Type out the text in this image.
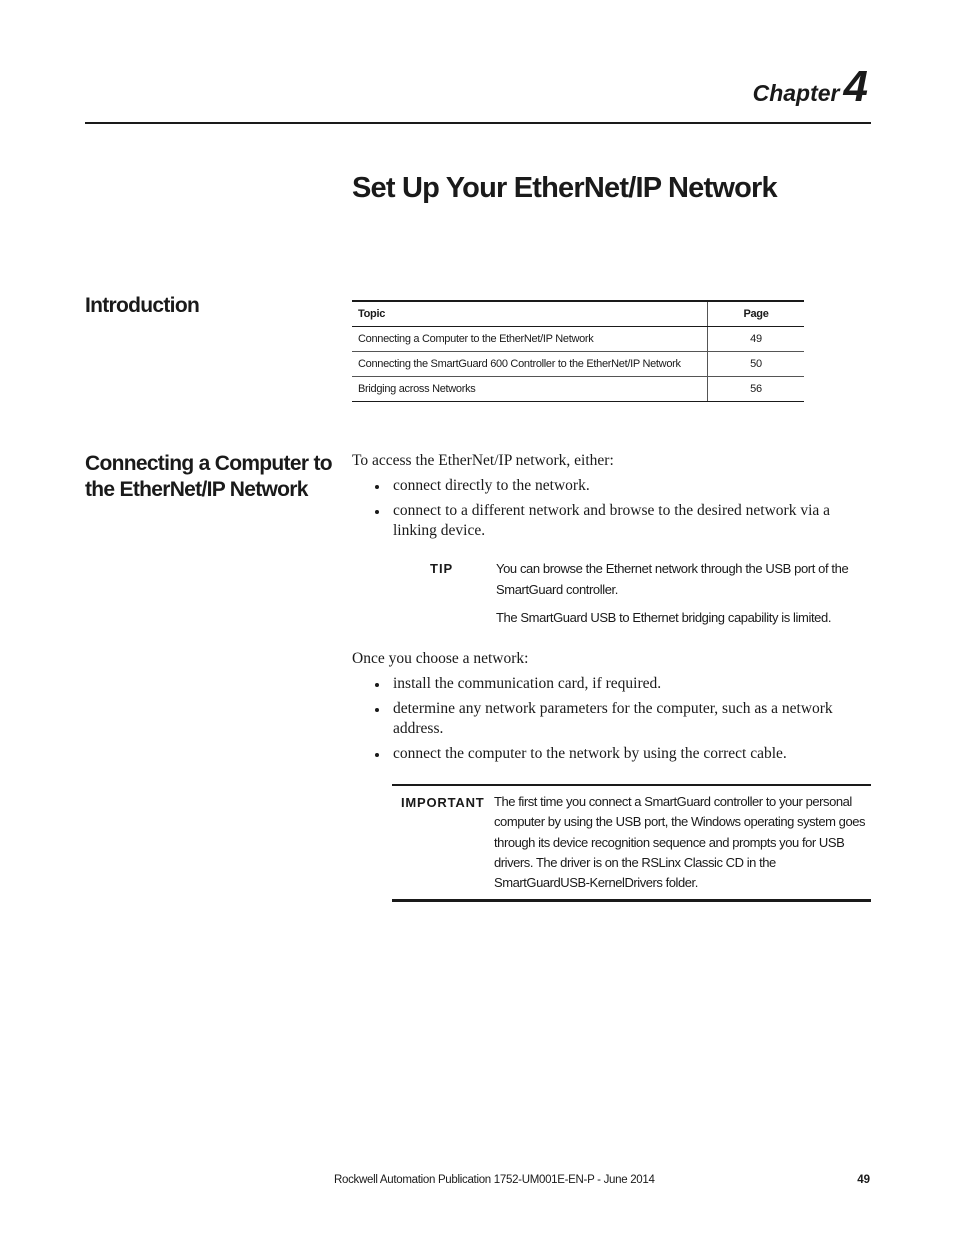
Chapter4
Set Up Your EtherNet/IP Network
Introduction	Topic	Page
Connecting a Computer to the EtherNet/IP Network	49
Connecting the SmartGuard 600 Controller to the EtherNet/IP Network	50
Bridging across Networks	56
Connecting a Computer to the EtherNet/IP Network
To access the EtherNet/IP network, either:
connect directly to the network.
connect to a different network and browse to the desired network via a linking device.
TIP	You can browse the Ethernet network through the USB port of the SmartGuard controller.
The SmartGuard USB to Ethernet bridging capability is limited.
Once you choose a network:
install the communication card, if required.
determine any network parameters for the computer, such as a network address.
connect the computer to the network by using the correct cable.
IMPORTANT The first time you connect a SmartGuard controller to your personal computer by using the USB port, the Windows operating system goes through its device recognition sequence and prompts you for USB drivers. The driver is on the RSLinx Classic CD in the SmartGuardUSB-KernelDrivers folder.
Rockwell Automation Publication 1752-UM001E-EN-P - June 2014	49
